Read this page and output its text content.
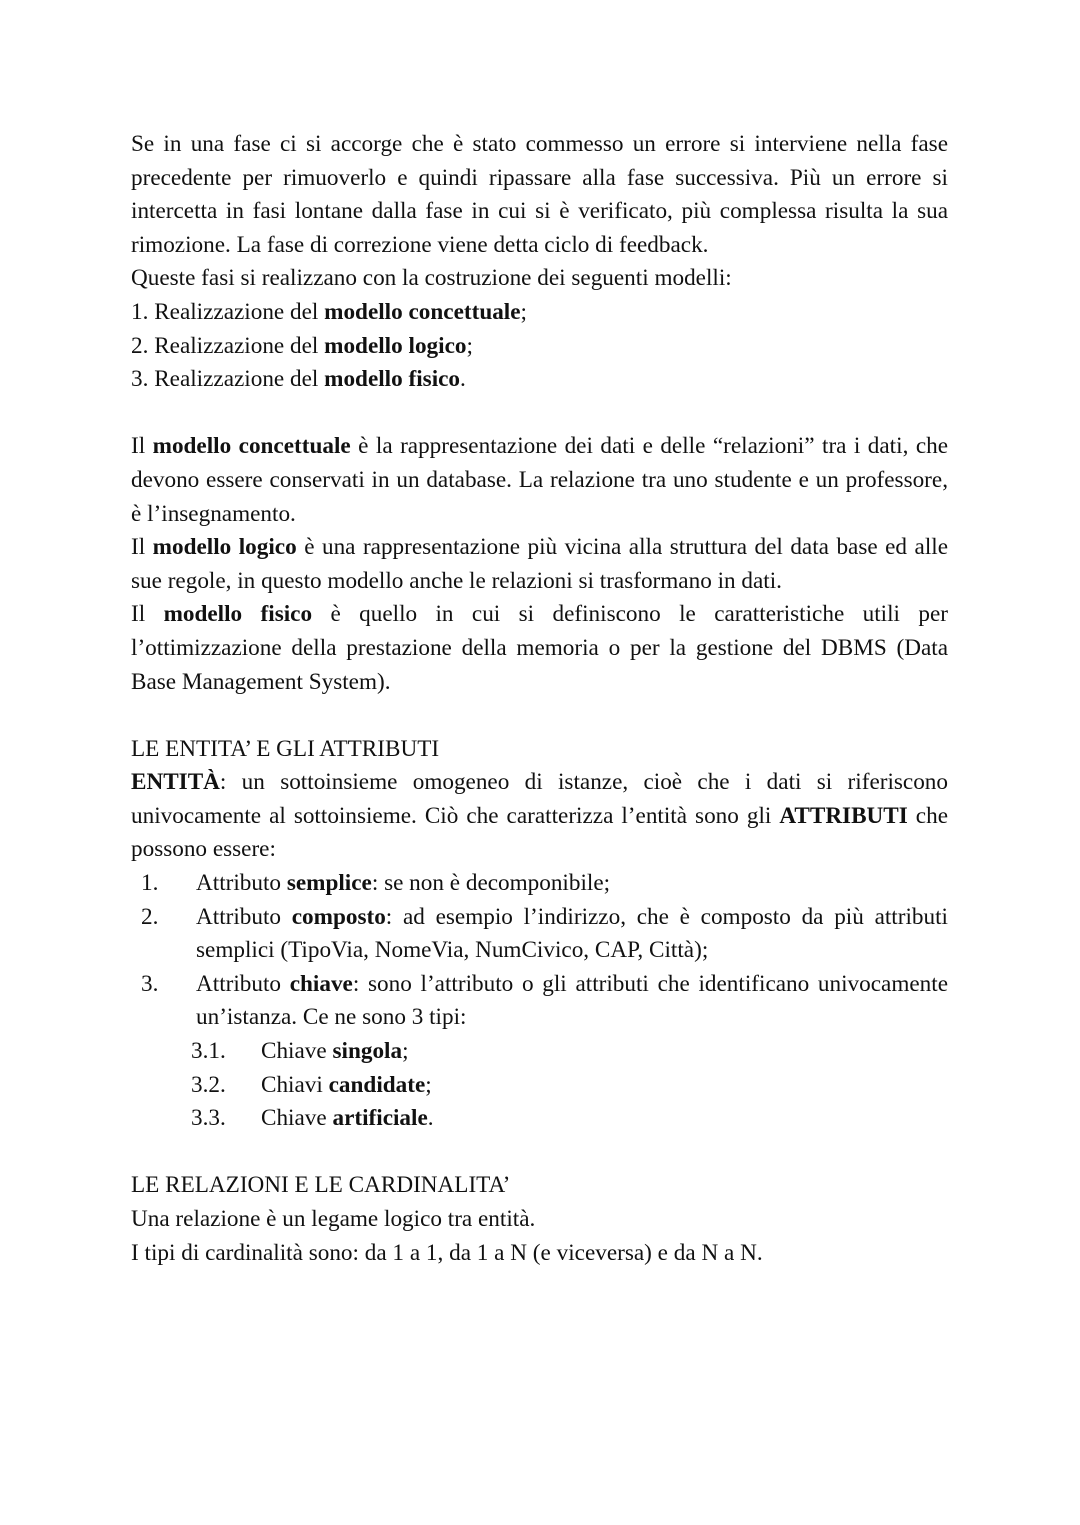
Se in una fase ci si accorge che è stato commesso un errore si interviene nella fase precedente per rimuoverlo e quindi ripassare alla fase successiva. Più un errore si intercetta in fasi lontane dalla fase in cui si è verificato, più complessa risulta la sua rimozione. La fase di correzione viene detta ciclo di feedback.

Queste fasi si realizzano con la costruzione dei seguenti modelli:

1. Realizzazione del modello concettuale;

2. Realizzazione del modello logico;

3. Realizzazione del modello fisico.

Il modello concettuale è la rappresentazione dei dati e delle “relazioni” tra i dati, che devono essere conservati in un database. La relazione tra uno studente e un professore, è l’insegnamento.

Il modello logico è una rappresentazione più vicina alla struttura del data base ed alle sue regole, in questo modello anche le relazioni si trasformano in dati.

Il modello fisico è quello in cui si definiscono le caratteristiche utili per l’ottimizzazione della prestazione della memoria o per la gestione del DBMS (Data Base Management System).

LE ENTITA’ E GLI ATTRIBUTI

ENTITÀ: un sottoinsieme omogeneo di istanze, cioè che i dati si riferiscono univocamente al sottoinsieme. Ciò che caratterizza l’entità sono gli ATTRIBUTI che possono essere:

1.	Attributo semplice: se non è decomponibile;
2.	Attributo composto: ad esempio l’indirizzo, che è composto da più attributi semplici (TipoVia, NomeVia, NumCivico, CAP, Città);
3.	Attributo chiave: sono l’attributo o gli attributi che identificano univocamente un’istanza. Ce ne sono 3 tipi:
3.1.	Chiave singola;
3.2.	Chiavi candidate;
3.3.	Chiave artificiale.

LE RELAZIONI E LE CARDINALITA’

Una relazione è un legame logico tra entità.

I tipi di cardinalità sono: da 1 a 1, da 1 a N (e viceversa) e da N a N.
